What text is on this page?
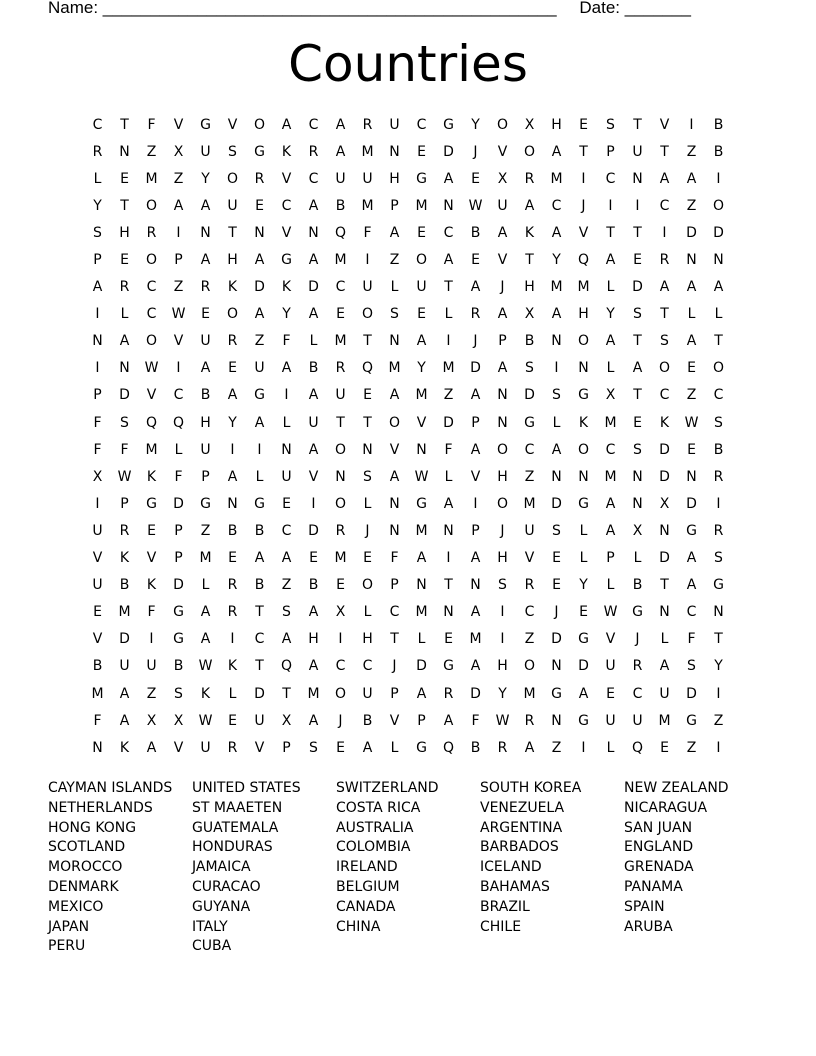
Name: ________________________________________________ Date: _______
Countries
C	T	F	V	G	V	O	A	C	A	R	U	C	G	Y	O	X	H	E	S	T	V	I	B
R	N	Z	X	U	S	G	K	R	A	M	N	E	D	J	V	O	A	T	P	U	T	Z	B
L	E	M	Z	Y	O	R	V	C	U	U	H	G	A	E	X	R	M	I	C	N	A	A	I
Y	T	O	A	A	U	E	C	A	B	M	P	M	N	W	U	A	C	J	I	I	C	Z	O
S	H	R	I	N	T	N	V	N	Q	F	A	E	C	B	A	K	A	V	T	T	I	D	D
P	E	O	P	A	H	A	G	A	M	I	Z	O	A	E	V	T	Y	Q	A	E	R	N	N
A	R	C	Z	R	K	D	K	D	C	U	L	U	T	A	J	H	M	M	L	D	A	A	A
I	L	C	W	E	O	A	Y	A	E	O	S	E	L	R	A	X	A	H	Y	S	T	L	L
N	A	O	V	U	R	Z	F	L	M	T	N	A	I	J	P	B	N	O	A	T	S	A	T
I	N	W	I	A	E	U	A	B	R	Q	M	Y	M	D	A	S	I	N	L	A	O	E	O
P	D	V	C	B	A	G	I	A	U	E	A	M	Z	A	N	D	S	G	X	T	C	Z	C
F	S	Q	Q	H	Y	A	L	U	T	T	O	V	D	P	N	G	L	K	M	E	K	W	S
F	F	M	L	U	I	I	N	A	O	N	V	N	F	A	O	C	A	O	C	S	D	E	B
X	W	K	F	P	A	L	U	V	N	S	A	W	L	V	H	Z	N	N	M	N	D	N	R
I	P	G	D	G	N	G	E	I	O	L	N	G	A	I	O	M	D	G	A	N	X	D	I
U	R	E	P	Z	B	B	C	D	R	J	N	M	N	P	J	U	S	L	A	X	N	G	R
V	K	V	P	M	E	A	A	E	M	E	F	A	I	A	H	V	E	L	P	L	D	A	S
U	B	K	D	L	R	B	Z	B	E	O	P	N	T	N	S	R	E	Y	L	B	T	A	G
E	M	F	G	A	R	T	S	A	X	L	C	M	N	A	I	C	J	E	W	G	N	C	N
V	D	I	G	A	I	C	A	H	I	H	T	L	E	M	I	Z	D	G	V	J	L	F	T
B	U	U	B	W	K	T	Q	A	C	C	J	D	G	A	H	O	N	D	U	R	A	S	Y
M	A	Z	S	K	L	D	T	M	O	U	P	A	R	D	Y	M	G	A	E	C	U	D	I
F	A	X	X	W	E	U	X	A	J	B	V	P	A	F	W	R	N	G	U	U	M	G	Z
N	K	A	V	U	R	V	P	S	E	A	L	G	Q	B	R	A	Z	I	L	Q	E	Z	I
CAYMAN ISLANDS	UNITED STATES	SWITZERLAND	SOUTH KOREA	NEW ZEALAND
NETHERLANDS	ST MAAETEN	COSTA RICA	VENEZUELA	NICARAGUA
HONG KONG	GUATEMALA	AUSTRALIA	ARGENTINA	SAN JUAN
SCOTLAND	HONDURAS	COLOMBIA	BARBADOS	ENGLAND
MOROCCO	JAMAICA	IRELAND	ICELAND	GRENADA
DENMARK	CURACAO	BELGIUM	BAHAMAS	PANAMA
MEXICO	GUYANA	CANADA	BRAZIL	SPAIN
JAPAN	ITALY	CHINA	CHILE	ARUBA
PERU	CUBA
